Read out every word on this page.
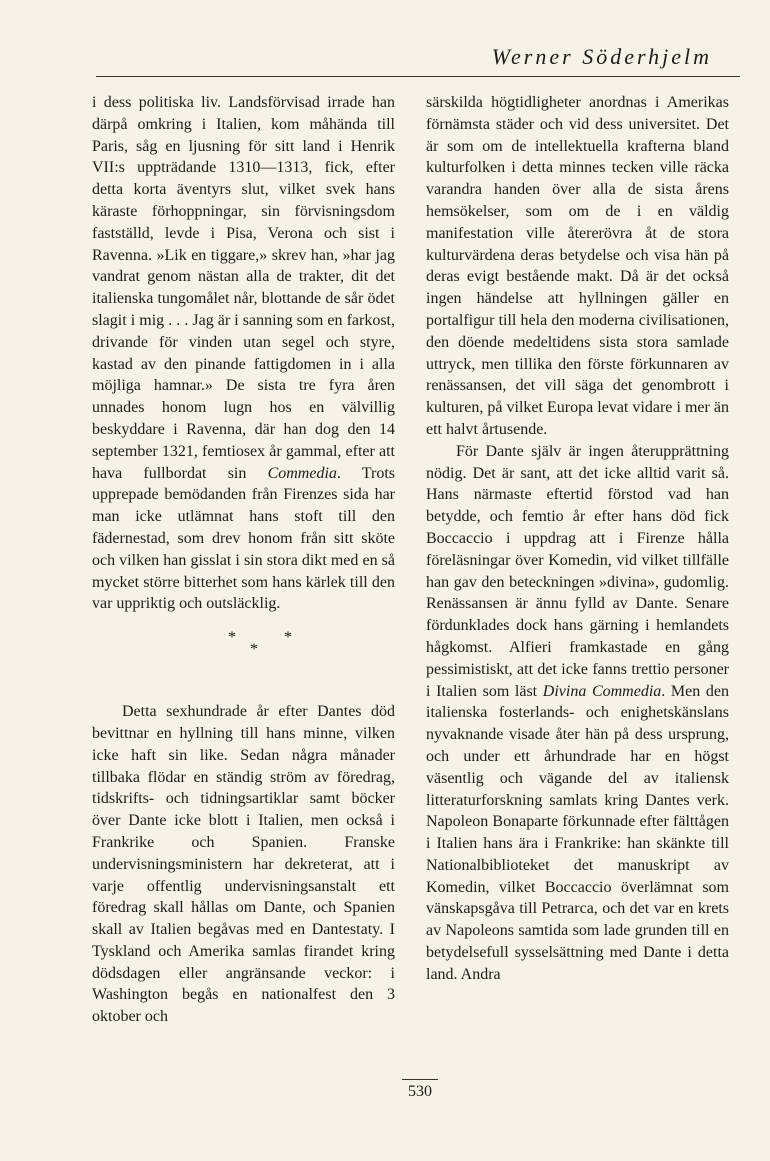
Werner Söderhjelm

i dess politiska liv. Landsförvisad irrade han därpå omkring i Italien, kom måhända till Paris, såg en ljusning för sitt land i Henrik VII:s uppträdande 1310—1313, fick, efter detta korta äventyrs slut, vilket svek hans käraste förhoppningar, sin förvisningsdom fastställd, levde i Pisa, Verona och sist i Ravenna. »Lik en tiggare,» skrev han, »har jag vandrat genom nästan alla de trakter, dit det italienska tungomålet når, blottande de sår ödet slagit i mig . . . Jag är i sanning som en farkost, drivande för vinden utan segel och styre, kastad av den pinande fattigdomen in i alla möjliga hamnar.» De sista tre fyra åren unnades honom lugn hos en välvillig beskyddare i Ravenna, där han dog den 14 september 1321, femtiosex år gammal, efter att hava fullbordat sin Commedia. Trots upprepade bemödanden från Firenzes sida har man icke utlämnat hans stoft till den fädernestad, som drev honom från sitt sköte och vilken han gisslat i sin stora dikt med en så mycket större bitterhet som hans kärlek till den var uppriktig och outsläcklig.

*
*
*

Detta sexhundrade år efter Dantes död bevittnar en hyllning till hans minne, vilken icke haft sin like. Sedan några månader tillbaka flödar en ständig ström av föredrag, tidskrifts- och tidningsartiklar samt böcker över Dante icke blott i Italien, men också i Frankrike och Spanien. Franske undervisningsministern har dekreterat, att i varje offentlig undervisningsanstalt ett föredrag skall hållas om Dante, och Spanien skall av Italien begåvas med en Dantestaty. I Tyskland och Amerika samlas firandet kring dödsdagen eller angränsande veckor: i Washington begås en nationalfest den 3 oktober och

särskilda högtidligheter anordnas i Amerikas förnämsta städer och vid dess universitet. Det är som om de intellektuella krafterna bland kulturfolken i detta minnes tecken ville räcka varandra handen över alla de sista årens hemsökelser, som om de i en väldig manifestation ville återerövra åt de stora kulturvärdena deras betydelse och visa hän på deras evigt bestående makt. Då är det också ingen händelse att hyllningen gäller en portalfigur till hela den moderna civilisationen, den döende medeltidens sista stora samlade uttryck, men tillika den förste förkunnaren av renässansen, det vill säga det genombrott i kulturen, på vilket Europa levat vidare i mer än ett halvt årtusende.

För Dante själv är ingen återupprättning nödig. Det är sant, att det icke alltid varit så. Hans närmaste eftertid förstod vad han betydde, och femtio år efter hans död fick Boccaccio i uppdrag att i Firenze hålla föreläsningar över Komedin, vid vilket tillfälle han gav den beteckningen »divina», gudomlig. Renässansen är ännu fylld av Dante. Senare fördunklades dock hans gärning i hemlandets hågkomst. Alfieri framkastade en gång pessimistiskt, att det icke fanns trettio personer i Italien som läst Divina Commedia. Men den italienska fosterlands- och enighetskänslans nyvaknande visade åter hän på dess ursprung, och under ett århundrade har en högst väsentlig och vägande del av italiensk litteraturforskning samlats kring Dantes verk. Napoleon Bonaparte förkunnade efter fälttågen i Italien hans ära i Frankrike: han skänkte till Nationalbiblioteket det manuskript av Komedin, vilket Boccaccio överlämnat som vänskapsgåva till Petrarca, och det var en krets av Napoleons samtida som lade grunden till en betydelsefull sysselsättning med Dante i detta land. Andra

530
